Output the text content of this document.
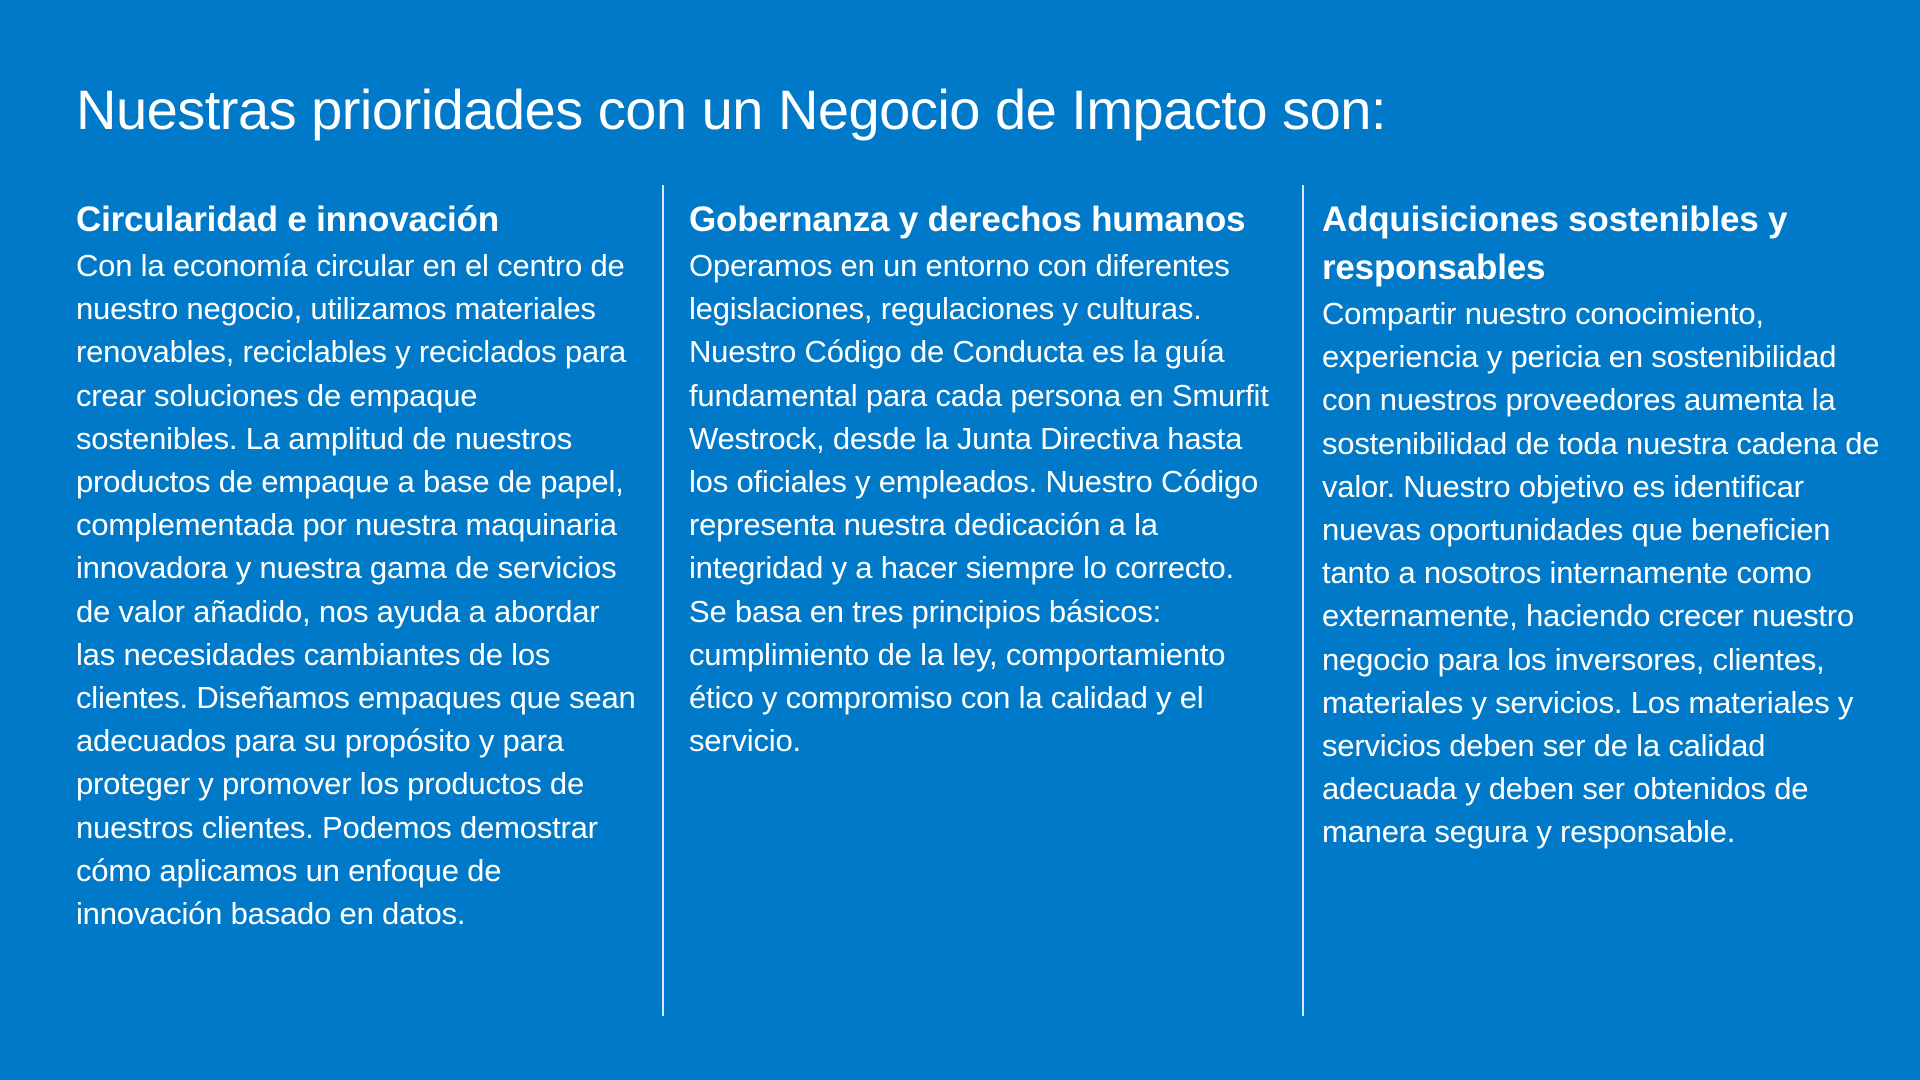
Nuestras prioridades con un Negocio de Impacto son:
Circularidad e innovación

Con la economía circular en el centro de nuestro negocio, utilizamos materiales renovables, reciclables y reciclados para crear soluciones de empaque sostenibles. La amplitud de nuestros productos de empaque a base de papel, complementada por nuestra maquinaria innovadora y nuestra gama de servicios de valor añadido, nos ayuda a abordar las necesidades cambiantes de los clientes. Diseñamos empaques que sean adecuados para su propósito y para proteger y promover los productos de nuestros clientes. Podemos demostrar cómo aplicamos un enfoque de innovación basado en datos.

Gobernanza y derechos humanos

Operamos en un entorno con diferentes legislaciones, regulaciones y culturas. Nuestro Código de Conducta es la guía fundamental para cada persona en Smurfit Westrock, desde la Junta Directiva hasta los oficiales y empleados. Nuestro Código representa nuestra dedicación a la integridad y a hacer siempre lo correcto. Se basa en tres principios básicos: cumplimiento de la ley, comportamiento ético y compromiso con la calidad y el servicio.

Adquisiciones sostenibles y responsables

Compartir nuestro conocimiento, experiencia y pericia en sostenibilidad con nuestros proveedores aumenta la sostenibilidad de toda nuestra cadena de valor. Nuestro objetivo es identificar nuevas oportunidades que beneficien tanto a nosotros internamente como externamente, haciendo crecer nuestro negocio para los inversores, clientes, materiales y servicios. Los materiales y servicios deben ser de la calidad adecuada y deben ser obtenidos de manera segura y responsable.
